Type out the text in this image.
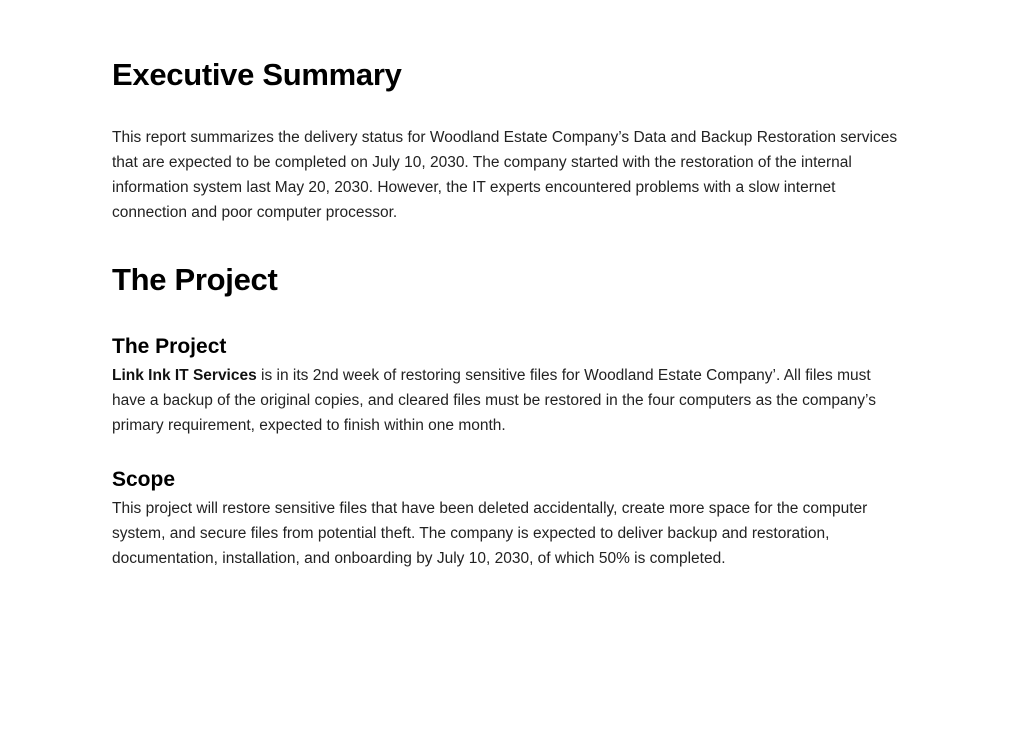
Executive Summary

This report summarizes the delivery status for Woodland Estate Company’s Data and Backup Restoration services that are expected to be completed on July 10, 2030. The company started with the restoration of the internal information system last May 20, 2030. However, the IT experts encountered problems with a slow internet connection and poor computer processor.

The Project
The Project

Link Ink IT Services is in its 2nd week of restoring sensitive files for Woodland Estate Company’. All files must have a backup of the original copies, and cleared files must be restored in the four computers as the company’s primary requirement, expected to finish within one month.

Scope

This project will restore sensitive files that have been deleted accidentally, create more space for the computer system, and secure files from potential theft. The company is expected to deliver backup and restoration, documentation, installation, and onboarding by July 10, 2030, of which 50% is completed.
